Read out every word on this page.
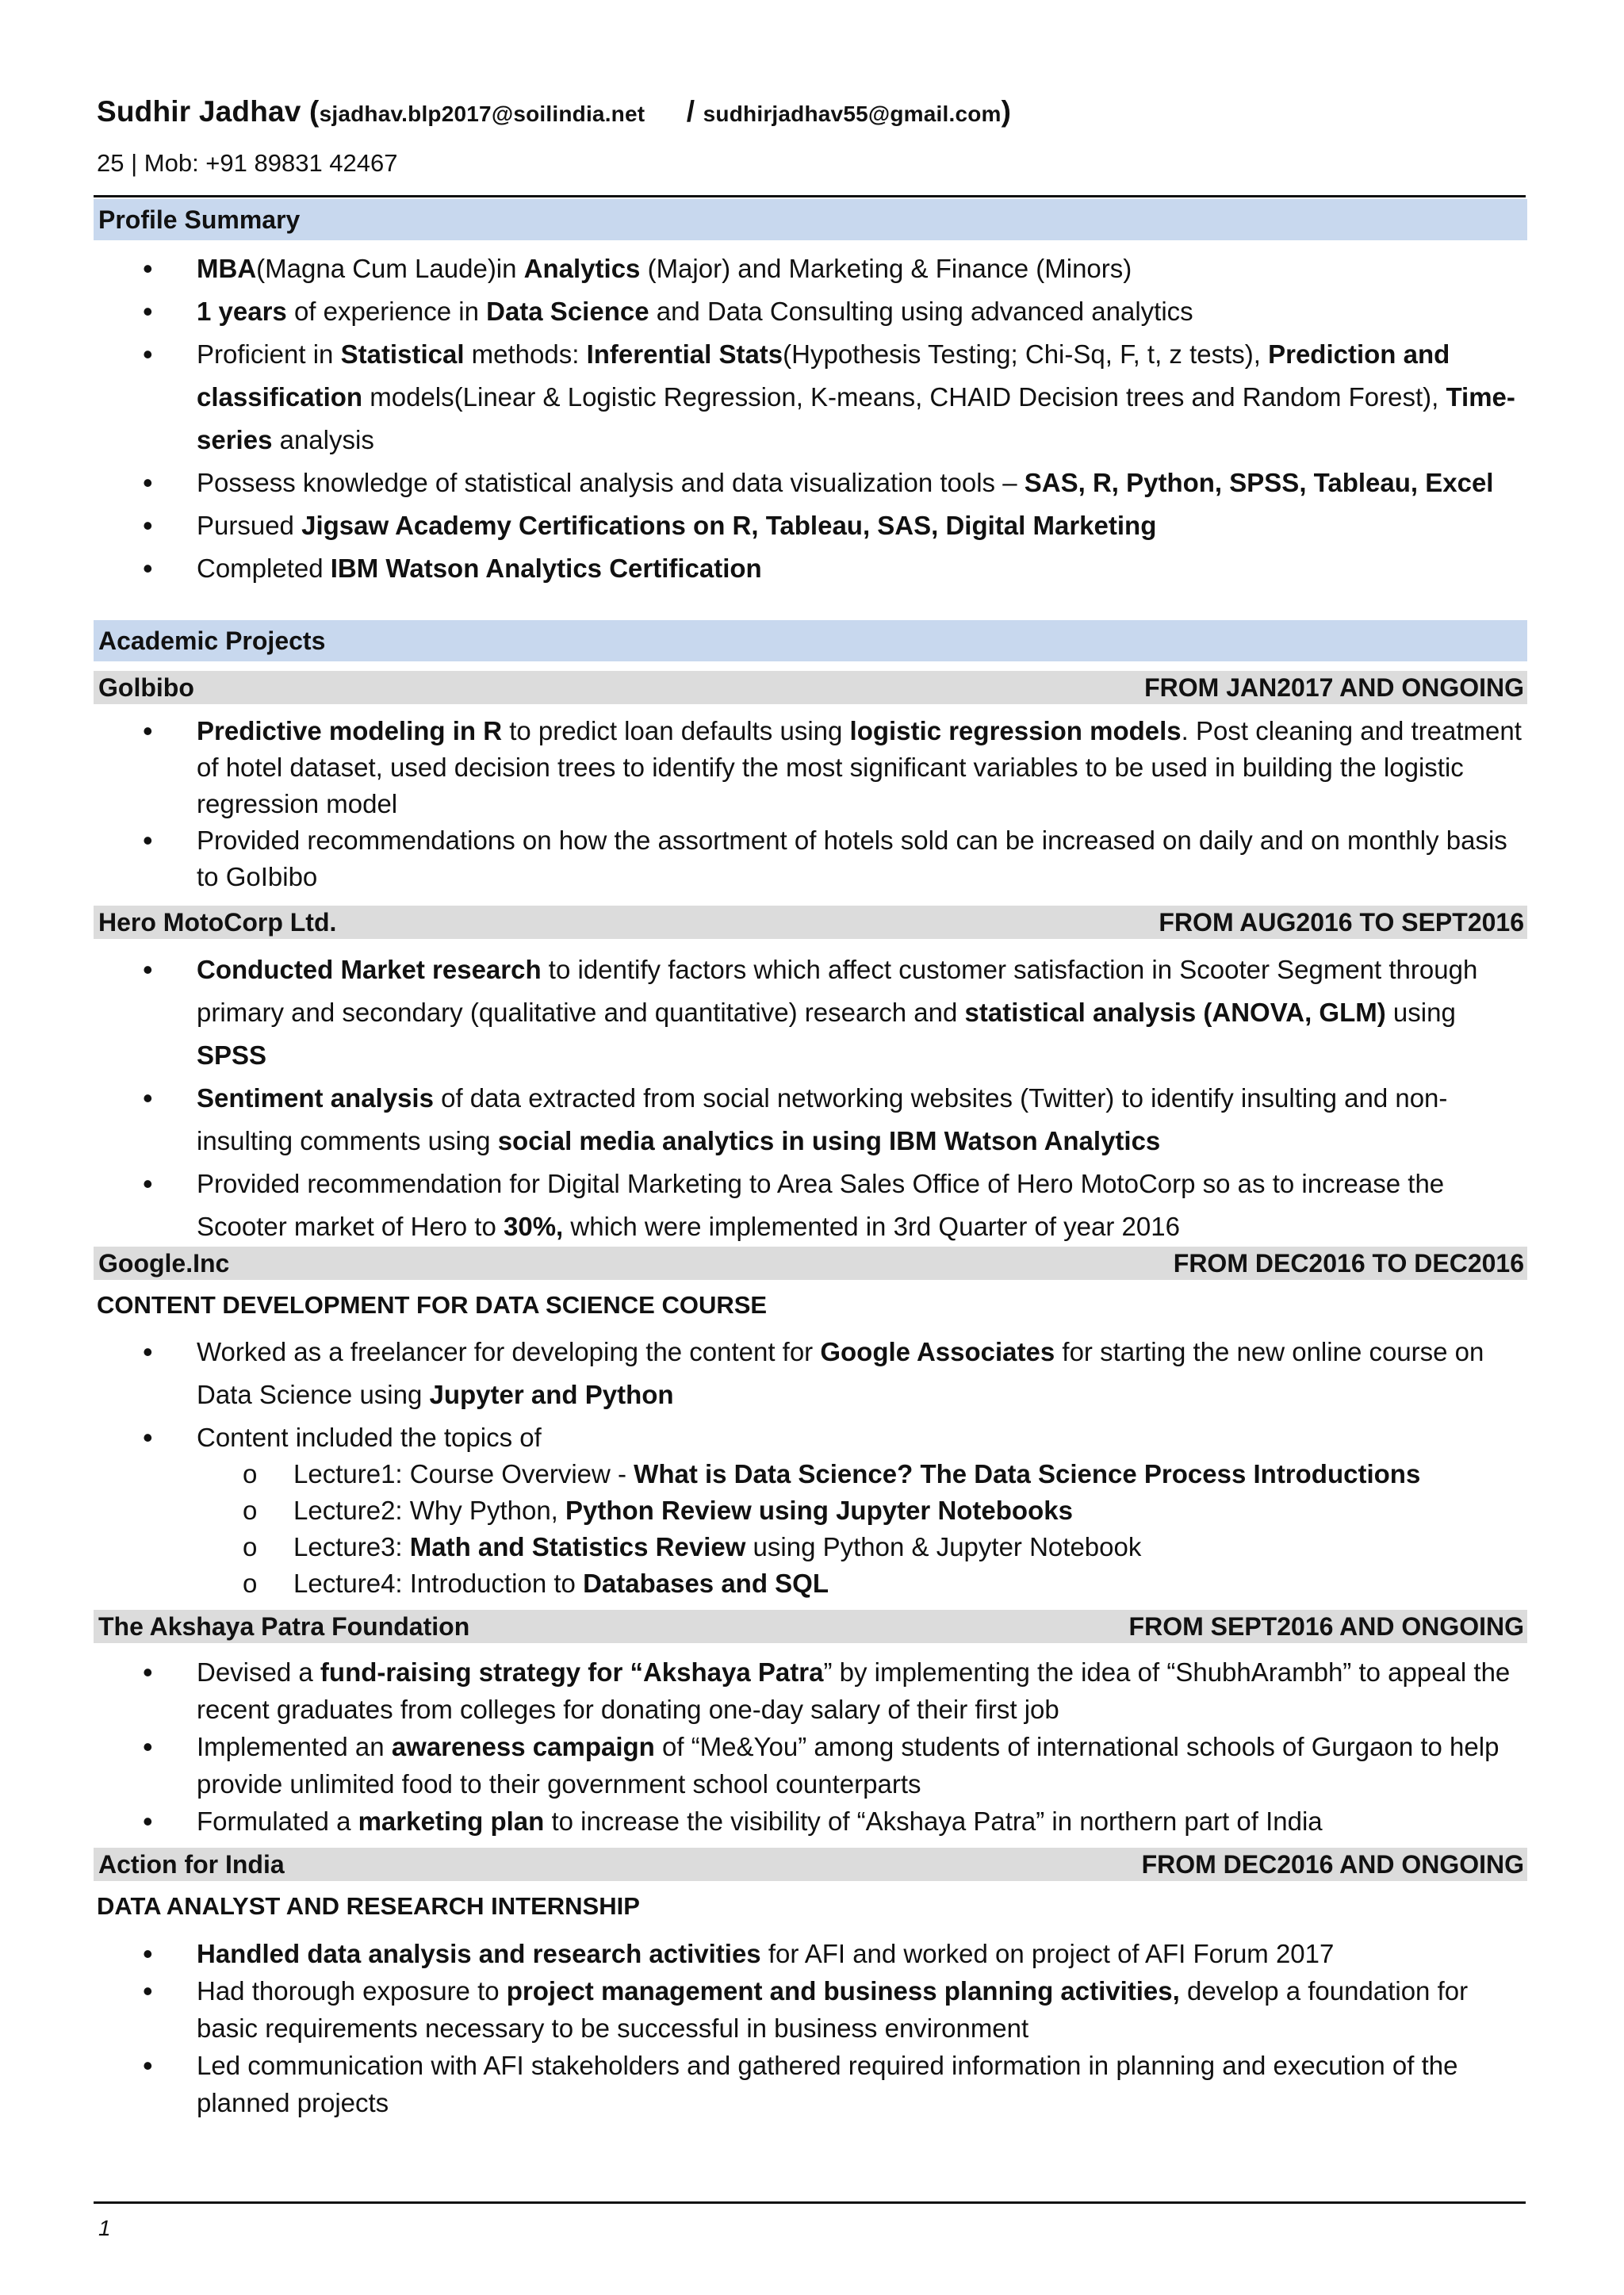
Sudhir Jadhav (sjadhav.blp2017@soilindia.net     / sudhirjadhav55@gmail.com)
25 | Mob: +91 89831 42467
Profile Summary
• MBA(Magna Cum Laude)in Analytics (Major) and Marketing & Finance (Minors)
• 1 years of experience in Data Science and Data Consulting using advanced analytics
• Proficient in Statistical methods: Inferential Stats(Hypothesis Testing; Chi-Sq, F, t, z tests), Prediction and classification models(Linear & Logistic Regression, K-means, CHAID Decision trees and Random Forest), Time-series analysis
• Possess knowledge of statistical analysis and data visualization tools – SAS, R, Python, SPSS, Tableau, Excel
• Pursued Jigsaw Academy Certifications on R, Tableau, SAS, Digital Marketing
• Completed IBM Watson Analytics Certification
Academic Projects
Golbibo	FROM JAN2017 AND ONGOING
• Predictive modeling in R to predict loan defaults using logistic regression models. Post cleaning and treatment of hotel dataset, used decision trees to identify the most significant variables to be used in building the logistic regression model
• Provided recommendations on how the assortment of hotels sold can be increased on daily and on monthly basis to GoIbibo
Hero MotoCorp Ltd.	FROM AUG2016 TO SEPT2016
• Conducted Market research to identify factors which affect customer satisfaction in Scooter Segment through primary and secondary (qualitative and quantitative) research and statistical analysis (ANOVA, GLM) using SPSS
• Sentiment analysis of data extracted from social networking websites (Twitter) to identify insulting and non-insulting comments using social media analytics in using IBM Watson Analytics
• Provided recommendation for Digital Marketing to Area Sales Office of Hero MotoCorp so as to increase the Scooter market of Hero to 30%, which were implemented in 3rd Quarter of year 2016
Google.Inc	FROM DEC2016 TO DEC2016
CONTENT DEVELOPMENT FOR DATA SCIENCE COURSE
• Worked as a freelancer for developing the content for Google Associates for starting the new online course on Data Science using Jupyter and Python
• Content included the topics of
o Lecture1: Course Overview - What is Data Science? The Data Science Process Introductions
o Lecture2: Why Python, Python Review using Jupyter Notebooks
o Lecture3: Math and Statistics Review using Python & Jupyter Notebook
o Lecture4: Introduction to Databases and SQL
The Akshaya Patra Foundation	FROM SEPT2016 AND ONGOING
• Devised a fund-raising strategy for “Akshaya Patra” by implementing the idea of “ShubhArambh” to appeal the recent graduates from colleges for donating one-day salary of their first job
• Implemented an awareness campaign of “Me&You” among students of international schools of Gurgaon to help provide unlimited food to their government school counterparts
• Formulated a marketing plan to increase the visibility of “Akshaya Patra” in northern part of India
Action for India	FROM DEC2016 AND ONGOING
DATA ANALYST AND RESEARCH INTERNSHIP
• Handled data analysis and research activities for AFI and worked on project of AFI Forum 2017
• Had thorough exposure to project management and business planning activities, develop a foundation for basic requirements necessary to be successful in business environment
• Led communication with AFI stakeholders and gathered required information in planning and execution of the planned projects
1
